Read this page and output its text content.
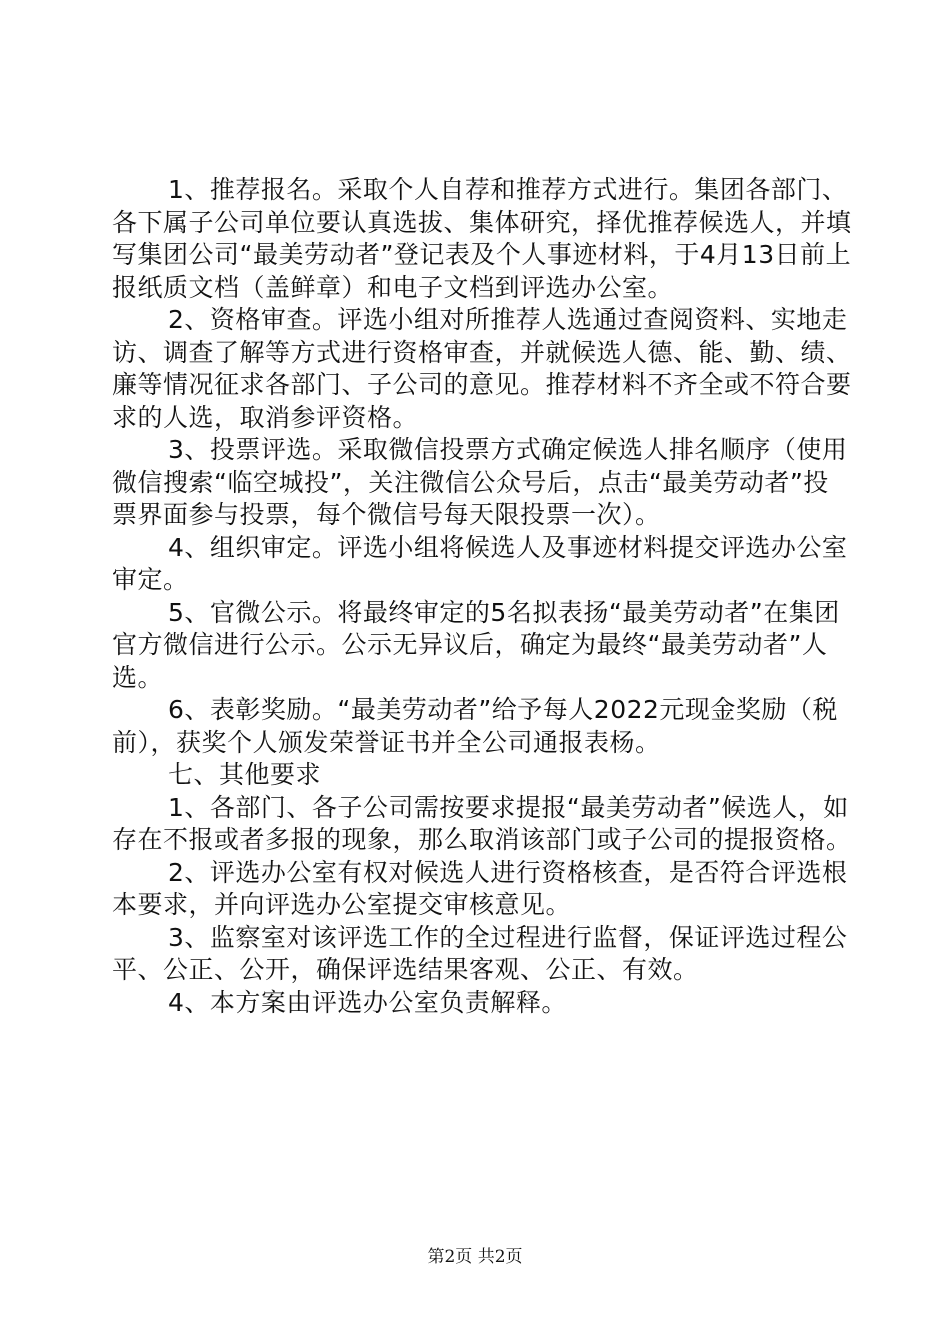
1、推荐报名。采取个人自荐和推荐方式进行。集团各部门、各下属子公司单位要认真选拔、集体研究，择优推荐候选人，并填写集团公司“最美劳动者”登记表及个人事迹材料，于4月13日前上报纸质文档（盖鲜章）和电子文档到评选办公室。

2、资格审查。评选小组对所推荐人选通过查阅资料、实地走访、调查了解等方式进行资格审查，并就候选人德、能、勤、绩、廉等情况征求各部门、子公司的意见。推荐材料不齐全或不符合要求的人选，取消参评资格。

3、投票评选。采取微信投票方式确定候选人排名顺序（使用微信搜索“临空城投”，关注微信公众号后，点击“最美劳动者”投票界面参与投票，每个微信号每天限投票一次）。

4、组织审定。评选小组将候选人及事迹材料提交评选办公室审定。

5、官微公示。将最终审定的5名拟表扬“最美劳动者”在集团官方微信进行公示。公示无异议后，确定为最终“最美劳动者”人选。

6、表彰奖励。“最美劳动者”给予每人2022元现金奖励（税前），获奖个人颁发荣誉证书并全公司通报表杨。

七、其他要求

1、各部门、各子公司需按要求提报“最美劳动者”候选人，如存在不报或者多报的现象，那么取消该部门或子公司的提报资格。

2、评选办公室有权对候选人进行资格核查，是否符合评选根本要求，并向评选办公室提交审核意见。

3、监察室对该评选工作的全过程进行监督，保证评选过程公平、公正、公开，确保评选结果客观、公正、有效。

4、本方案由评选办公室负责解释。

第2页 共2页
